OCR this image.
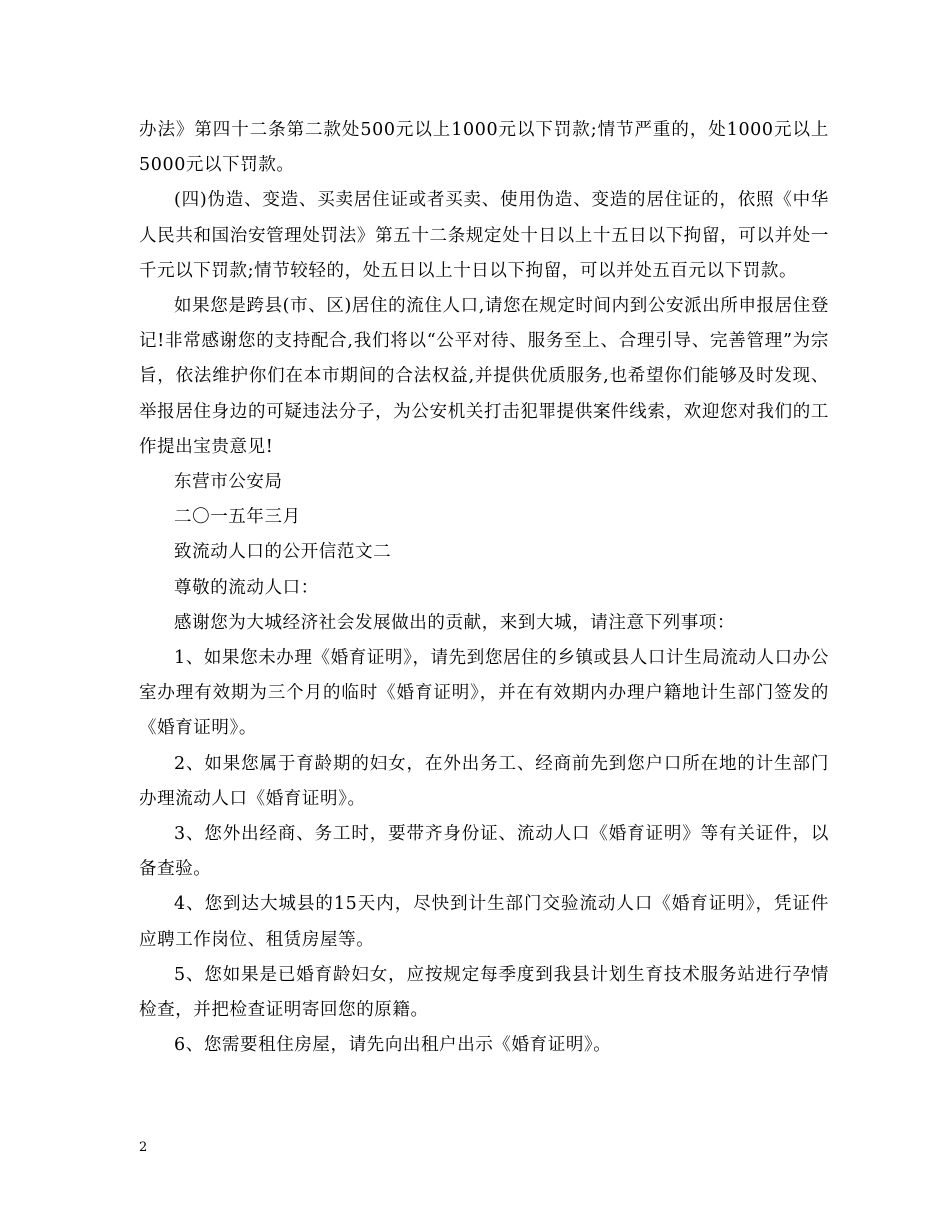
办法》第四十二条第二款处500元以上1000元以下罚款;情节严重的，处1000元以上5000元以下罚款。

(四)伪造、变造、买卖居住证或者买卖、使用伪造、变造的居住证的，依照《中华人民共和国治安管理处罚法》第五十二条规定处十日以上十五日以下拘留，可以并处一千元以下罚款;情节较轻的，处五日以上十日以下拘留，可以并处五百元以下罚款。

如果您是跨县(市、区)居住的流住人口,请您在规定时间内到公安派出所申报居住登记!非常感谢您的支持配合,我们将以“公平对待、服务至上、合理引导、完善管理”为宗旨，依法维护你们在本市期间的合法权益,并提供优质服务,也希望你们能够及时发现、举报居住身边的可疑违法分子，为公安机关打击犯罪提供案件线索，欢迎您对我们的工作提出宝贵意见!

东营市公安局

二〇一五年三月

致流动人口的公开信范文二

尊敬的流动人口：

感谢您为大城经济社会发展做出的贡献，来到大城，请注意下列事项：

1、如果您未办理《婚育证明》，请先到您居住的乡镇或县人口计生局流动人口办公室办理有效期为三个月的临时《婚育证明》，并在有效期内办理户籍地计生部门签发的《婚育证明》。

2、如果您属于育龄期的妇女，在外出务工、经商前先到您户口所在地的计生部门办理流动人口《婚育证明》。

3、您外出经商、务工时，要带齐身份证、流动人口《婚育证明》等有关证件，以备查验。

4、您到达大城县的15天内，尽快到计生部门交验流动人口《婚育证明》，凭证件应聘工作岗位、租赁房屋等。

5、您如果是已婚育龄妇女，应按规定每季度到我县计划生育技术服务站进行孕情检查，并把检查证明寄回您的原籍。

6、您需要租住房屋，请先向出租户出示《婚育证明》。

2
